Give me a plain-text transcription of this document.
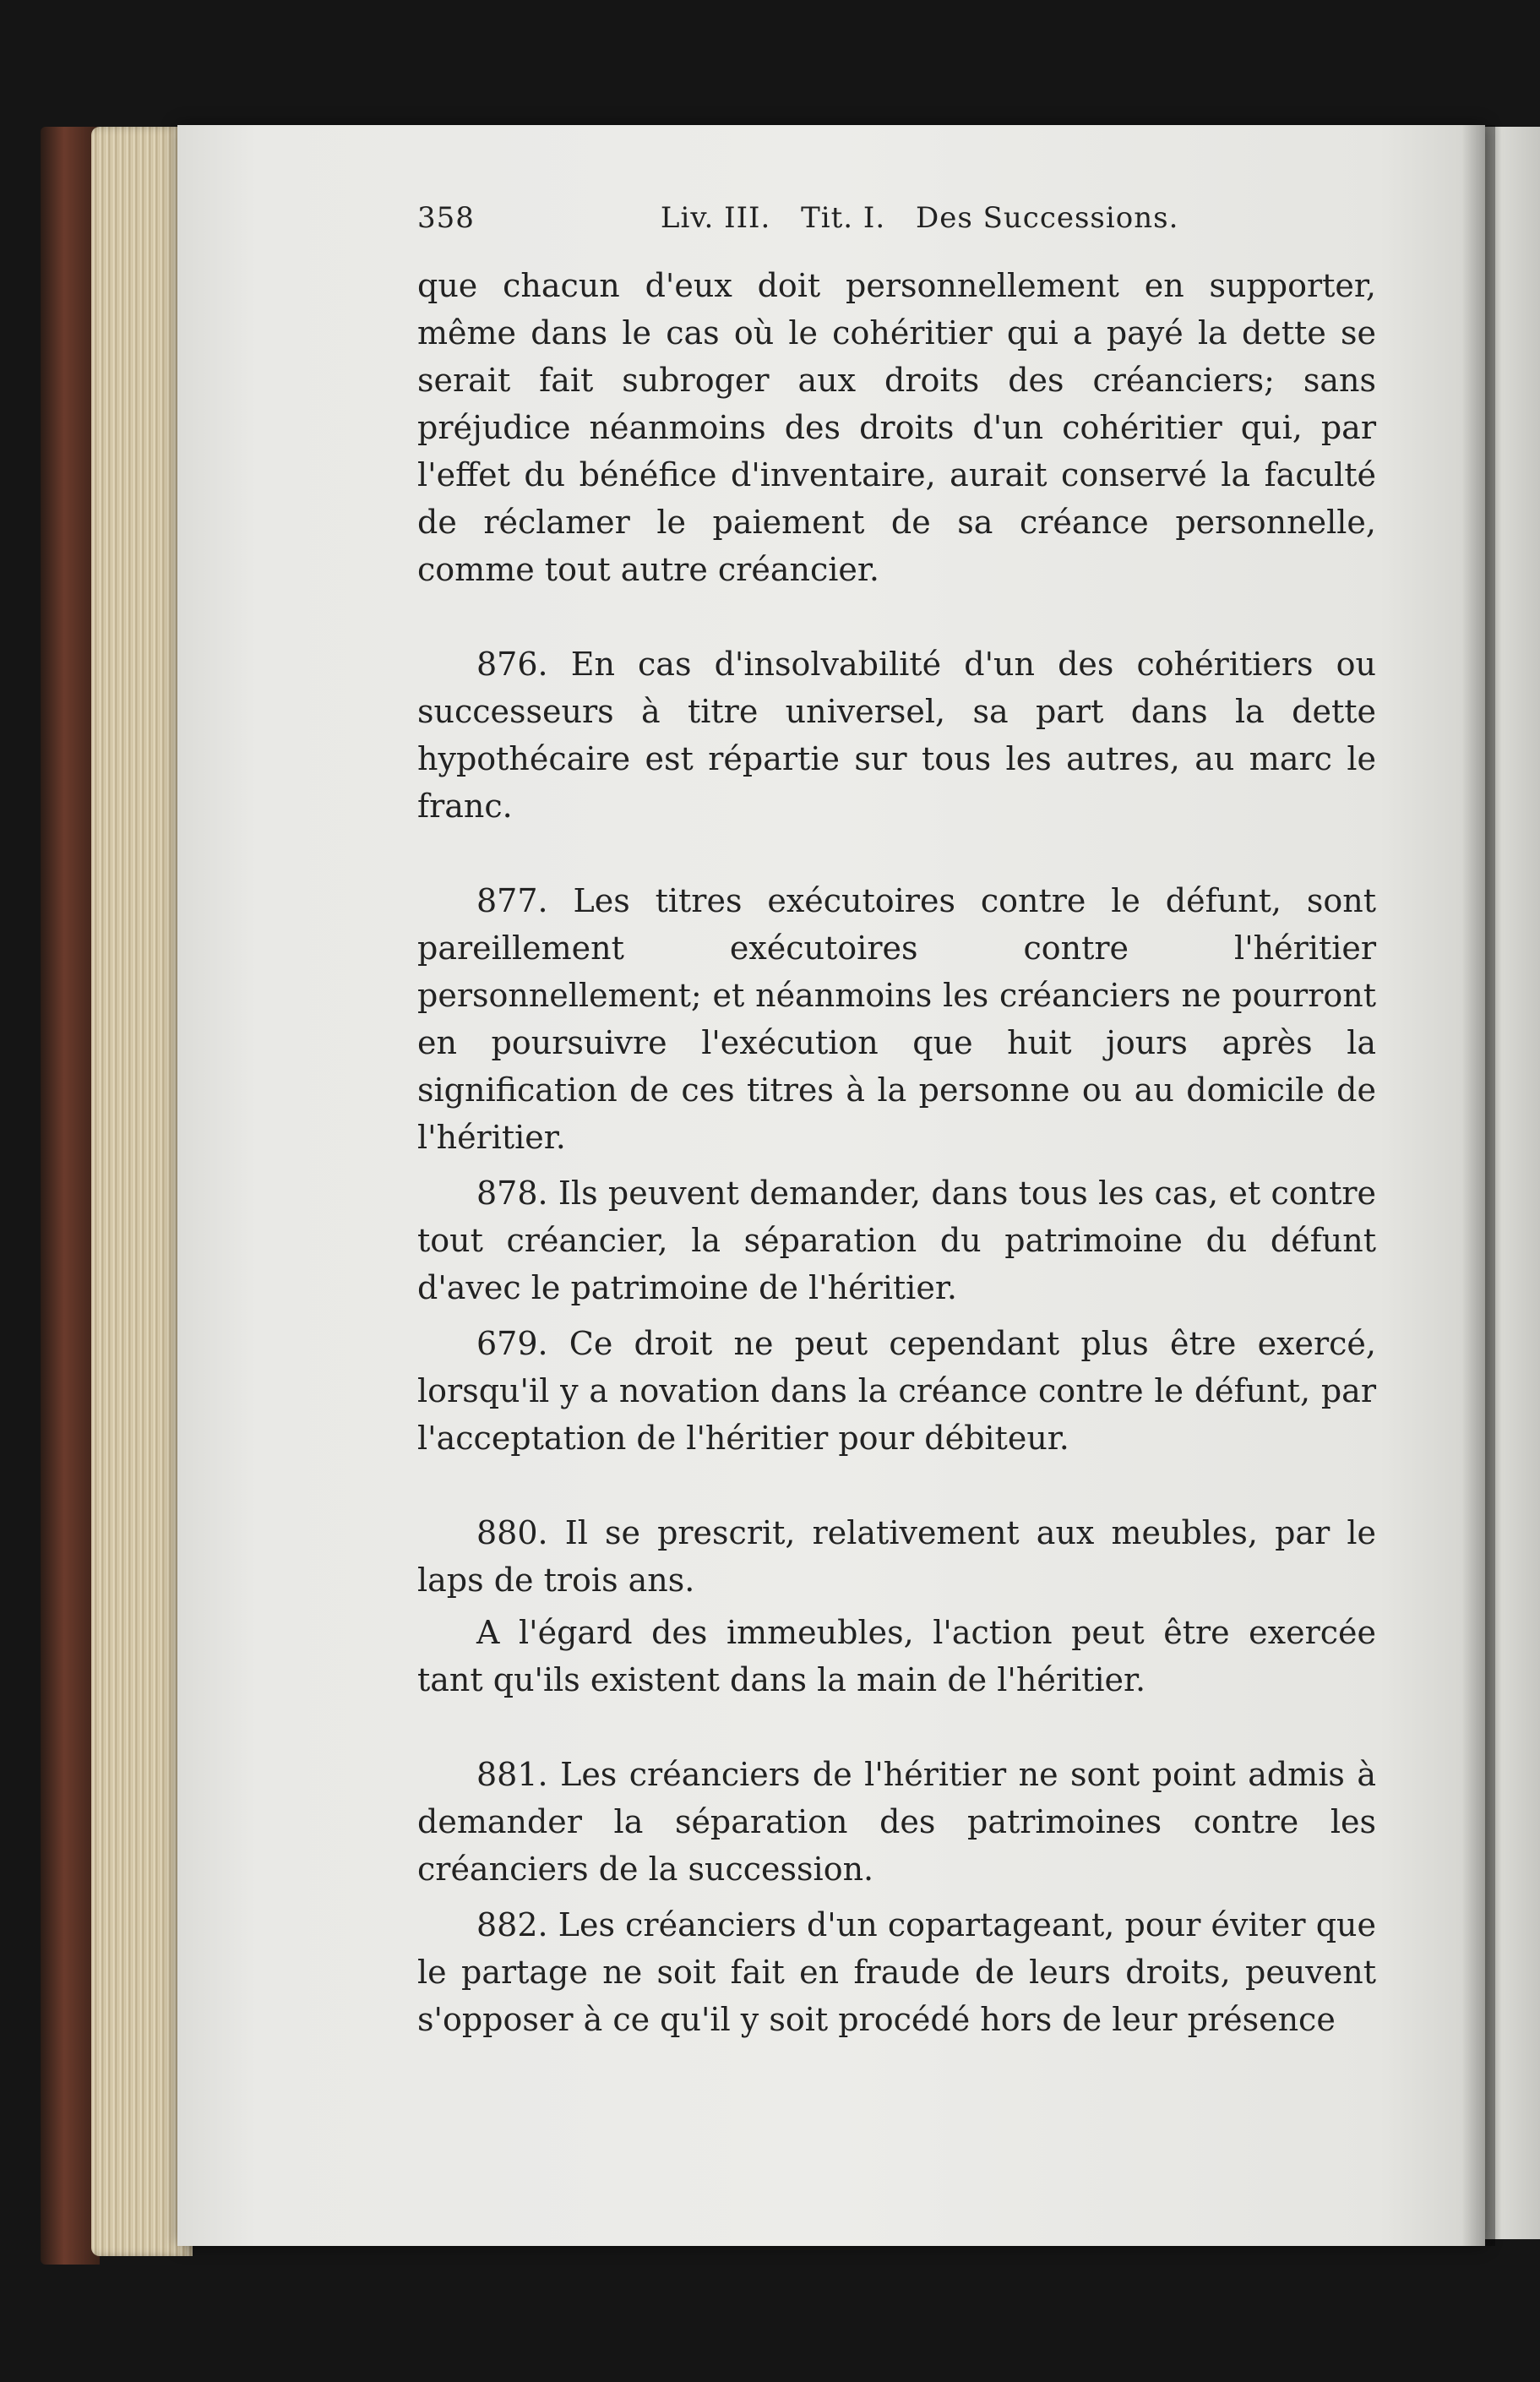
358	Liv. III. Tit. I. Des Successions.

que chacun d'eux doit personnellement en supporter, même dans le cas où le cohéritier qui a payé la dette se serait fait subroger aux droits des créanciers; sans préjudice néanmoins des droits d'un cohéritier qui, par l'effet du bénéfice d'inventaire, aurait conservé la faculté de réclamer le paiement de sa créance personnelle, comme tout autre créancier.

876. En cas d'insolvabilité d'un des cohéritiers ou successeurs à titre universel, sa part dans la dette hypothécaire est répartie sur tous les autres, au marc le franc.

877. Les titres exécutoires contre le défunt, sont pareillement exécutoires contre l'héritier personnellement; et néanmoins les créanciers ne pourront en poursuivre l'exécution que huit jours après la signification de ces titres à la personne ou au domicile de l'héritier.

878. Ils peuvent demander, dans tous les cas, et contre tout créancier, la séparation du patrimoine du défunt d'avec le patrimoine de l'héritier.

679. Ce droit ne peut cependant plus être exercé, lorsqu'il y a novation dans la créance contre le défunt, par l'acceptation de l'héritier pour débiteur.

880. Il se prescrit, relativement aux meubles, par le laps de trois ans.

A l'égard des immeubles, l'action peut être exercée tant qu'ils existent dans la main de l'héritier.

881. Les créanciers de l'héritier ne sont point admis à demander la séparation des patrimoines contre les créanciers de la succession.

882. Les créanciers d'un copartageant, pour éviter que le partage ne soit fait en fraude de leurs droits, peuvent s'opposer à ce qu'il y soit procédé hors de leur présence
